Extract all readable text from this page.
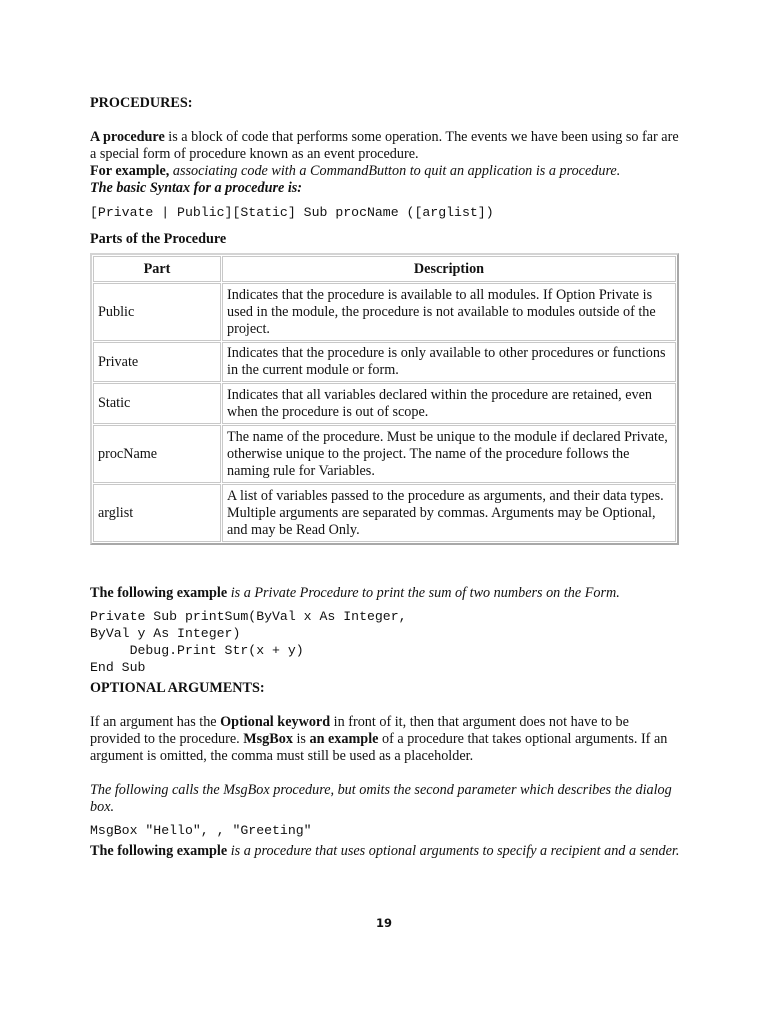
PROCEDURES:

A procedure is a block of code that performs some operation. The events we have been using so far are a special form of procedure known as an event procedure.

For example, associating code with a CommandButton to quit an application is a procedure.

The basic Syntax for a procedure is:

[Private | Public][Static] Sub procName ([arglist])

Parts of the Procedure

Part	Description
Public	Indicates that the procedure is available to all modules. If Option Private is used in the module, the procedure is not available to modules outside of the project.
Private	Indicates that the procedure is only available to other procedures or functions in the current module or form.
Static	Indicates that all variables declared within the procedure are retained, even when the procedure is out of scope.
procName	The name of the procedure. Must be unique to the module if declared Private, otherwise unique to the project. The name of the procedure follows the naming rule for Variables.
arglist	A list of variables passed to the procedure as arguments, and their data types. Multiple arguments are separated by commas. Arguments may be Optional, and may be Read Only.

The following example is a Private Procedure to print the sum of two numbers on the Form.

Private Sub printSum(ByVal x As Integer,
ByVal y As Integer)
Debug.Print Str(x + y)
End Sub

OPTIONAL ARGUMENTS:

If an argument has the Optional keyword in front of it, then that argument does not have to be provided to the procedure. MsgBox is an example of a procedure that takes optional arguments. If an argument is omitted, the comma must still be used as a placeholder.

The following calls the MsgBox procedure, but omits the second parameter which describes the dialog box.

MsgBox "Hello", , "Greeting"

The following example is a procedure that uses optional arguments to specify a recipient and a sender.

19
